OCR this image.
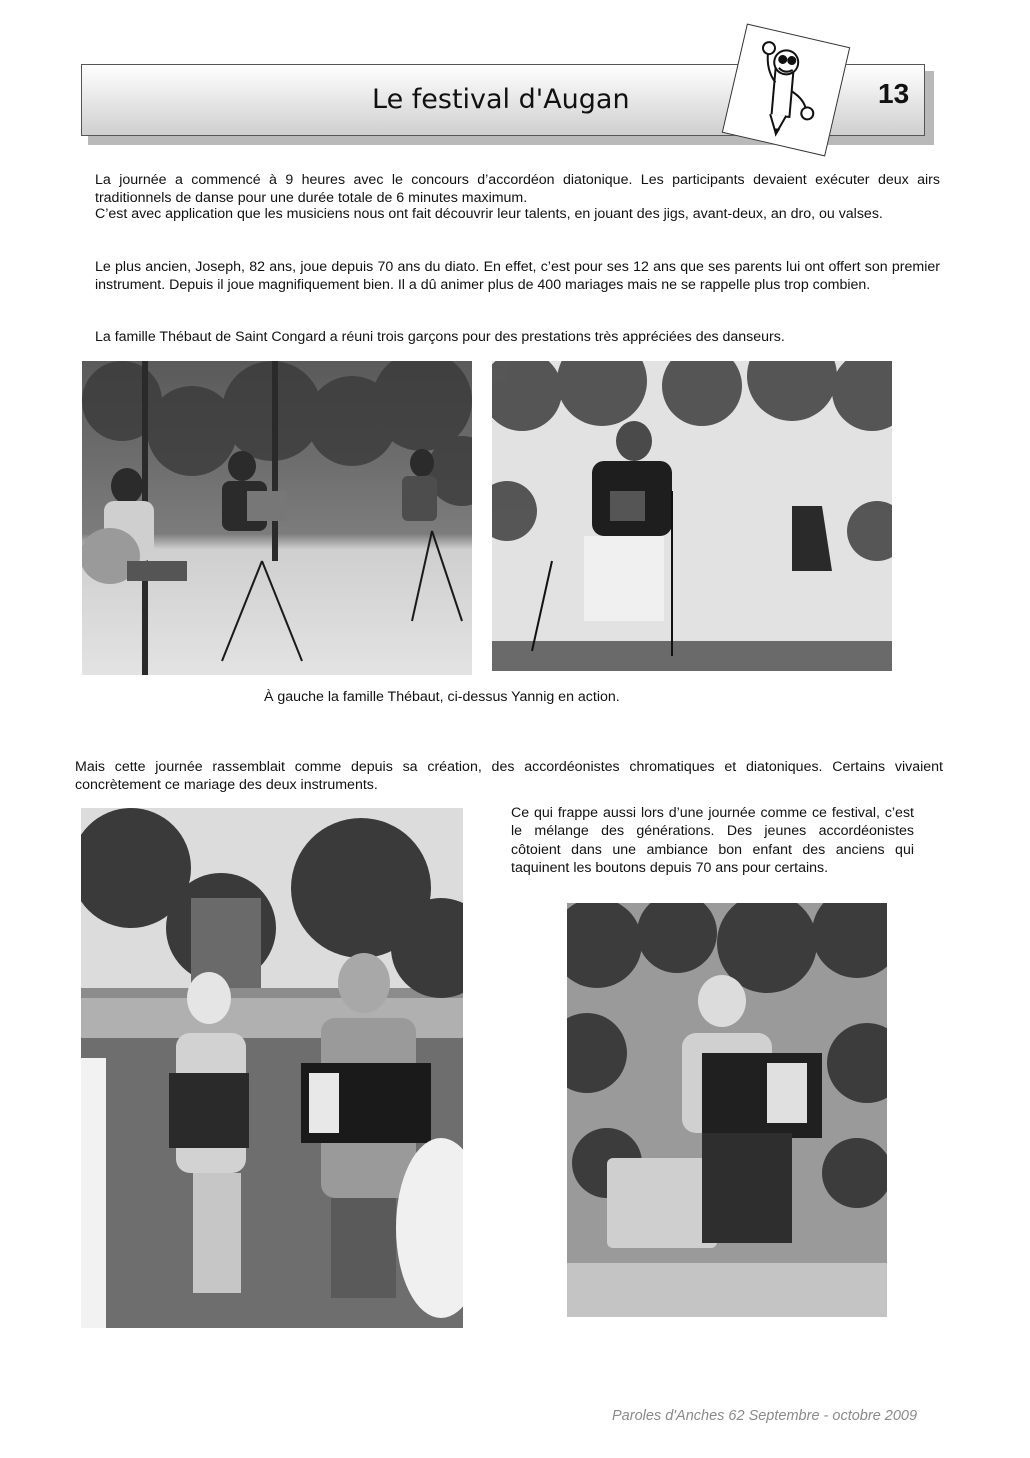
Le festival d'Augan	13

La journée a commencé à 9 heures avec le concours d’accordéon diatonique. Les participants devaient exécuter deux airs traditionnels de danse pour une durée totale de 6 minutes maximum.

C’est avec application que les musiciens nous ont fait découvrir leur talents, en jouant des jigs, avant-deux, an dro, ou valses.

Le plus ancien, Joseph, 82 ans, joue depuis 70 ans du diato. En effet, c’est pour ses 12 ans que ses parents lui ont offert son premier instrument. Depuis il joue magnifiquement bien. Il a dû animer plus de 400 mariages mais ne se rappelle plus trop combien.

La famille Thébaut de Saint Congard a réuni trois garçons pour des prestations très appréciées des danseurs.

À gauche la famille Thébaut, ci-dessus Yannig en action.

Mais cette journée rassemblait comme depuis sa création, des accordéonistes chromatiques et diatoniques. Certains vivaient concrètement ce mariage des deux instruments.

Ce qui frappe aussi lors d’une journée comme ce festival, c’est le mélange des générations. Des jeunes accordéonistes côtoient dans une ambiance bon enfant des anciens qui taquinent les boutons depuis 70 ans pour certains.

Paroles d'Anches 62 Septembre - octobre 2009
